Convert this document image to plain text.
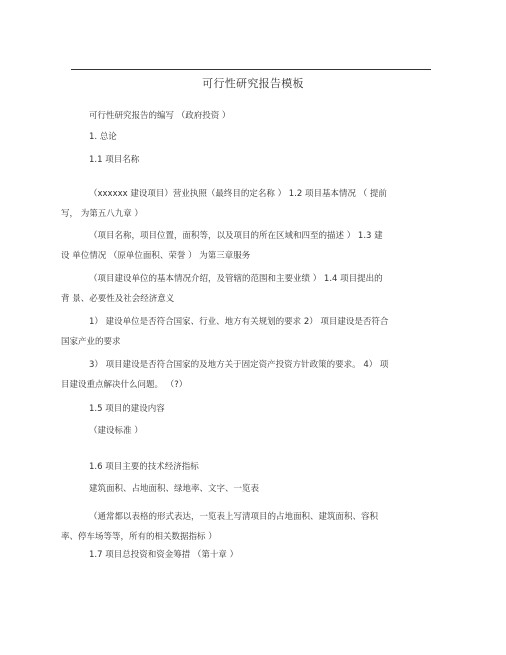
可行性研究报告模板
可行性研究报告的编写 （政府投资 ）
1. 总论
1.1 项目名称
（xxxxxx 建设项目）营业执照（最终目的定名称 ） 1.2 项目基本情况 （ 提前
写， 为第五八九章 ）
（项目名称，项目位置，面积等，以及项目的所在区域和四至的描述 ） 1.3 建
设 单位情况 （原单位面积、荣誉 ） 为第三章服务
（项目建设单位的基本情况介绍，及管辖的范围和主要业绩 ） 1.4 项目提出的
背 景、必要性及社会经济意义
1） 建设单位是否符合国家、行业、地方有关规划的要求 2） 项目建设是否符合
国家产业的要求
3） 项目建设是否符合国家的及地方关于固定资产投资方针政策的要求。 4） 项
目建设重点解决什么问题。 （?）
1.5 项目的建设内容
（建设标准 ）
1.6 项目主要的技术经济指标
建筑面积、占地面积、绿地率、文字、一览表
（通常都以表格的形式表达，一览表上写清项目的占地面积、建筑面积、容积
率、停车场等等，所有的相关数据指标 ）
1.7 项目总投资和资金筹措 （第十章 ）
